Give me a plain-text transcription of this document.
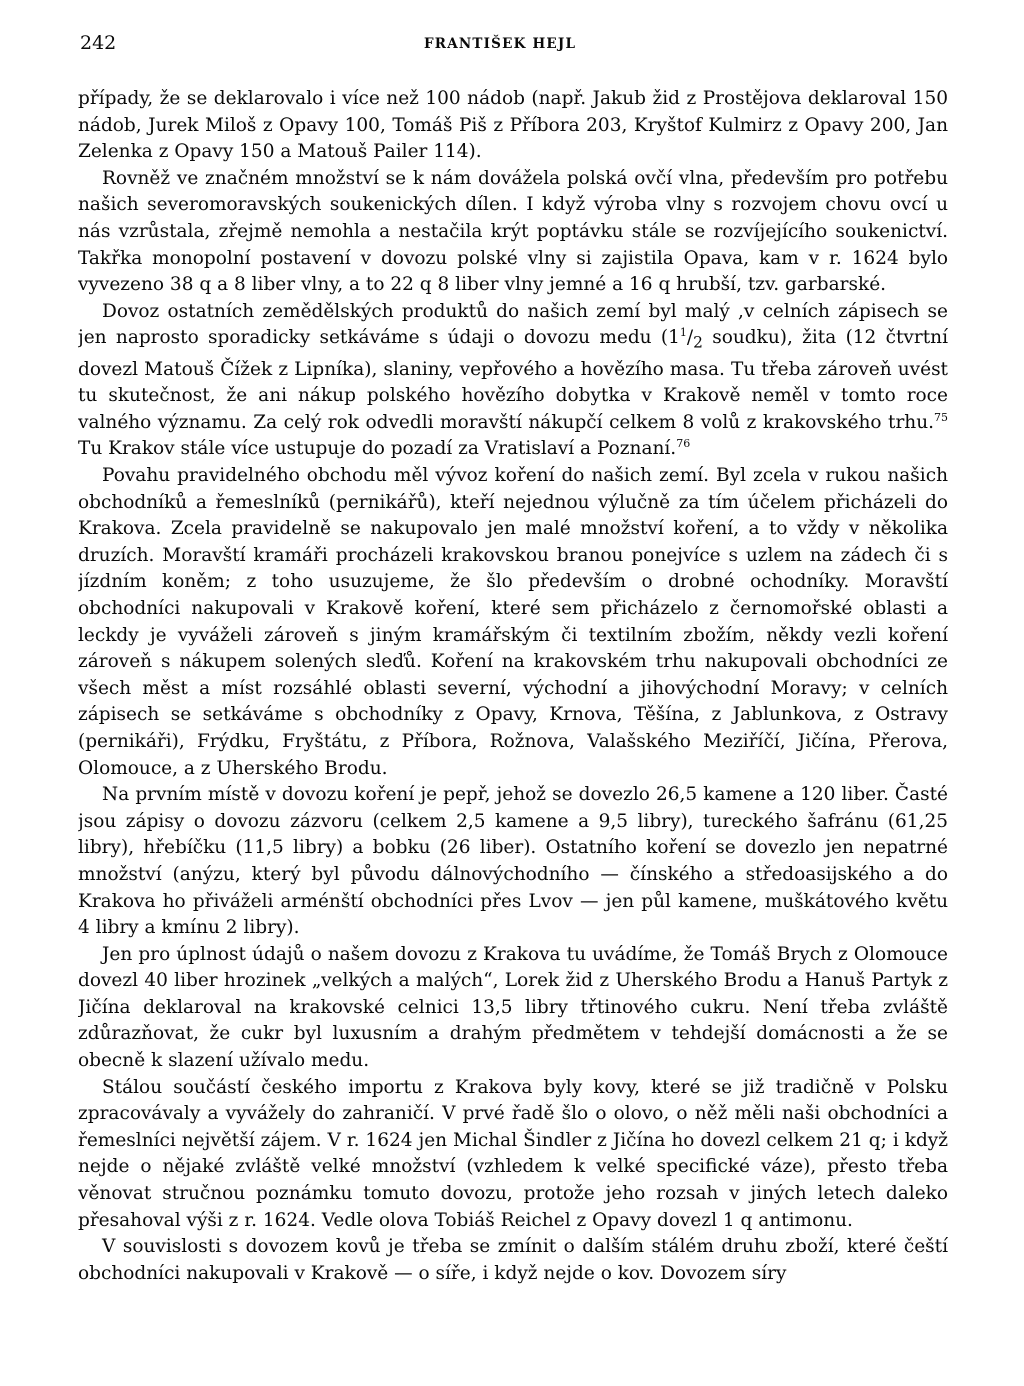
242	FRANTIŠEK HEJL

případy, že se deklarovalo i více než 100 nádob (např. Jakub žid z Prostějova deklaroval 150 nádob, Jurek Miloš z Opavy 100, Tomáš Piš z Příbora 203, Kryštof Kulmirz z Opavy 200, Jan Zelenka z Opavy 150 a Matouš Pailer 114).

Rovněž ve značném množství se k nám dovážela polská ovčí vlna, především pro potřebu našich severomoravských soukenických dílen. I když výroba vlny s rozvojem chovu ovcí u nás vzrůstala, zřejmě nemohla a nestačila krýt poptávku stále se rozvíjejícího soukenictví. Takřka monopolní postavení v dovozu polské vlny si zajistila Opava, kam v r. 1624 bylo vyvezeno 38 q a 8 liber vlny, a to 22 q 8 liber vlny jemné a 16 q hrubší, tzv. garbarské.

Dovoz ostatních zemědělských produktů do našich zemí byl malý ,v celních zápisech se jen naprosto sporadicky setkáváme s údaji o dovozu medu ($1^1/_2$ soudku), žita (12 čtvrtní dovezl Matouš Čížek z Lipníka), slaniny, vepřového a hovězího masa. Tu třeba zároveň uvést tu skutečnost, že ani nákup polského hovězího dobytka v Krakově neměl v tomto roce valného významu. Za celý rok odvedli moravští nákupčí celkem 8 volů z krakovského trhu.$^{75}$ Tu Krakov stále více ustupuje do pozadí za Vratislaví a Poznaní.$^{76}$

Povahu pravidelného obchodu měl vývoz koření do našich zemí. Byl zcela v rukou našich obchodníků a řemeslníků (pernikářů), kteří nejednou výlučně za tím účelem přicházeli do Krakova. Zcela pravidelně se nakupovalo jen malé množství koření, a to vždy v několika druzích. Moravští kramáři procházeli krakovskou branou ponejvíce s uzlem na zádech či s jízdním koněm; z toho usuzujeme, že šlo především o drobné ochodníky. Moravští obchodníci nakupovali v Krakově koření, které sem přicházelo z černomořské oblasti a leckdy je vyváželi zároveň s jiným kramářským či textilním zbožím, někdy vezli koření zároveň s nákupem solených sleďů. Koření na krakovském trhu nakupovali obchodníci ze všech měst a míst rozsáhlé oblasti severní, východní a jihovýchodní Moravy; v celních zápisech se setkáváme s obchodníky z Opavy, Krnova, Těšína, z Jablunkova, z Ostravy (pernikáři), Frýdku, Fryštátu, z Příbora, Rožnova, Valašského Meziříčí, Jičína, Přerova, Olomouce, a z Uherského Brodu.

Na prvním místě v dovozu koření je pepř, jehož se dovezlo 26,5 kamene a 120 liber. Časté jsou zápisy o dovozu zázvoru (celkem 2,5 kamene a 9,5 libry), tureckého šafránu (61,25 libry), hřebíčku (11,5 libry) a bobku (26 liber). Ostatního koření se dovezlo jen nepatrné množství (anýzu, který byl původu dálnovýchodního — čínského a středoasijského a do Krakova ho přiváželi arménští obchodníci přes Lvov — jen půl kamene, muškátového květu 4 libry a kmínu 2 libry).

Jen pro úplnost údajů o našem dovozu z Krakova tu uvádíme, že Tomáš Brych z Olomouce dovezl 40 liber hrozinek „velkých a malých“, Lorek žid z Uherského Brodu a Hanuš Partyk z Jičína deklaroval na krakovské celnici 13,5 libry třtinového cukru. Není třeba zvláště zdůrazňovat, že cukr byl luxusním a drahým předmětem v tehdejší domácnosti a že se obecně k slazení užívalo medu.

Stálou součástí českého importu z Krakova byly kovy, které se již tradičně v Polsku zpracovávaly a vyvážely do zahraničí. V prvé řadě šlo o olovo, o něž měli naši obchodníci a řemeslníci největší zájem. V r. 1624 jen Michal Šindler z Jičína ho dovezl celkem 21 q; i když nejde o nějaké zvláště velké množství (vzhledem k velké specifické váze), přesto třeba věnovat stručnou poznámku tomuto dovozu, protože jeho rozsah v jiných letech daleko přesahoval výši z r. 1624. Vedle olova Tobiáš Reichel z Opavy dovezl 1 q antimonu.

V souvislosti s dovozem kovů je třeba se zmínit o dalším stálém druhu zboží, které čeští obchodníci nakupovali v Krakově — o síře, i když nejde o kov. Dovozem síry
